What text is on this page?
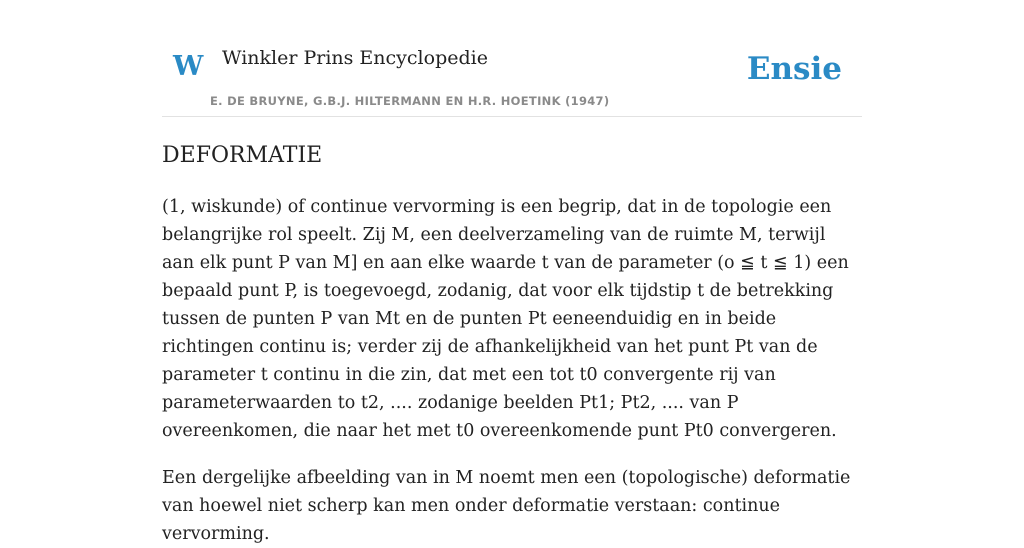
W Winkler Prins Encyclopedie
E. DE BRUYNE, G.B.J. HILTERMANN EN H.R. HOETINK (1947)
Ensie
DEFORMATIE

(1, wiskunde) of continue vervorming is een begrip, dat in de topologie een belangrijke rol speelt. Zij M, een deelverzameling van de ruimte M, terwijl aan elk punt P van M] en aan elke waarde t van de parameter (o ≦ t ≦ 1) een bepaald punt P, is toegevoegd, zodanig, dat voor elk tijdstip t de betrekking tussen de punten P van Mt en de punten Pt eeneenduidig en in beide richtingen continu is; verder zij de afhankelijkheid van het punt Pt van de parameter t continu in die zin, dat met een tot t0 convergente rij van parameterwaarden to t2, .... zodanige beelden Pt1; Pt2, .... van P overeenkomen, die naar het met t0 overeenkomende punt Pt0 convergeren.

Een dergelijke afbeelding van in M noemt men een (topologische) deformatie van hoewel niet scherp kan men onder deformatie verstaan: continue vervorming.
